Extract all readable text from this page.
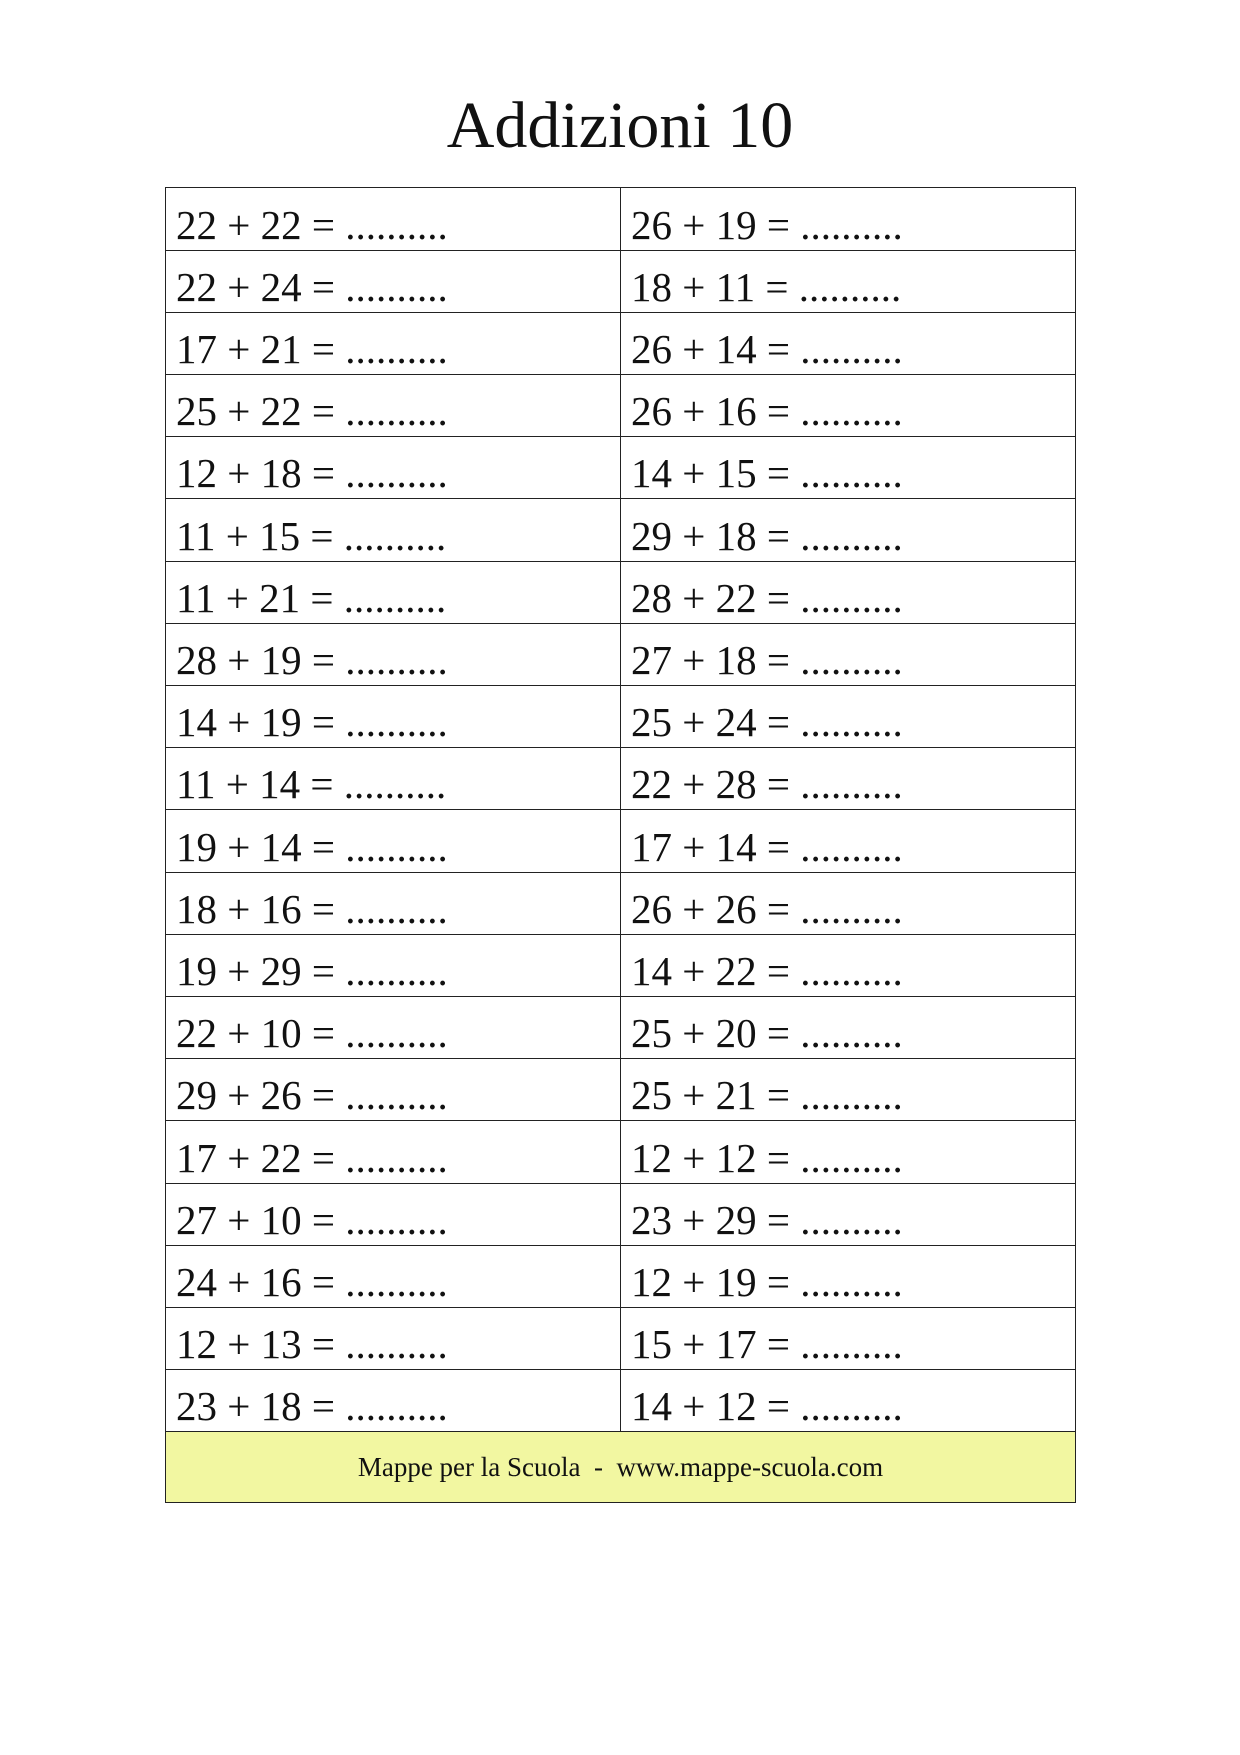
Addizioni 10
22 + 22 = ..........	26 + 19 = ..........
22 + 24 = ..........	18 + 11 = ..........
17 + 21 = ..........	26 + 14 = ..........
25 + 22 = ..........	26 + 16 = ..........
12 + 18 = ..........	14 + 15 = ..........
11 + 15 = ..........	29 + 18 = ..........
11 + 21 = ..........	28 + 22 = ..........
28 + 19 = ..........	27 + 18 = ..........
14 + 19 = ..........	25 + 24 = ..........
11 + 14 = ..........	22 + 28 = ..........
19 + 14 = ..........	17 + 14 = ..........
18 + 16 = ..........	26 + 26 = ..........
19 + 29 = ..........	14 + 22 = ..........
22 + 10 = ..........	25 + 20 = ..........
29 + 26 = ..........	25 + 21 = ..........
17 + 22 = ..........	12 + 12 = ..........
27 + 10 = ..........	23 + 29 = ..........
24 + 16 = ..........	12 + 19 = ..........
12 + 13 = ..........	15 + 17 = ..........
23 + 18 = ..........	14 + 12 = ..........
Mappe per la Scuola  -  www.mappe-scuola.com
